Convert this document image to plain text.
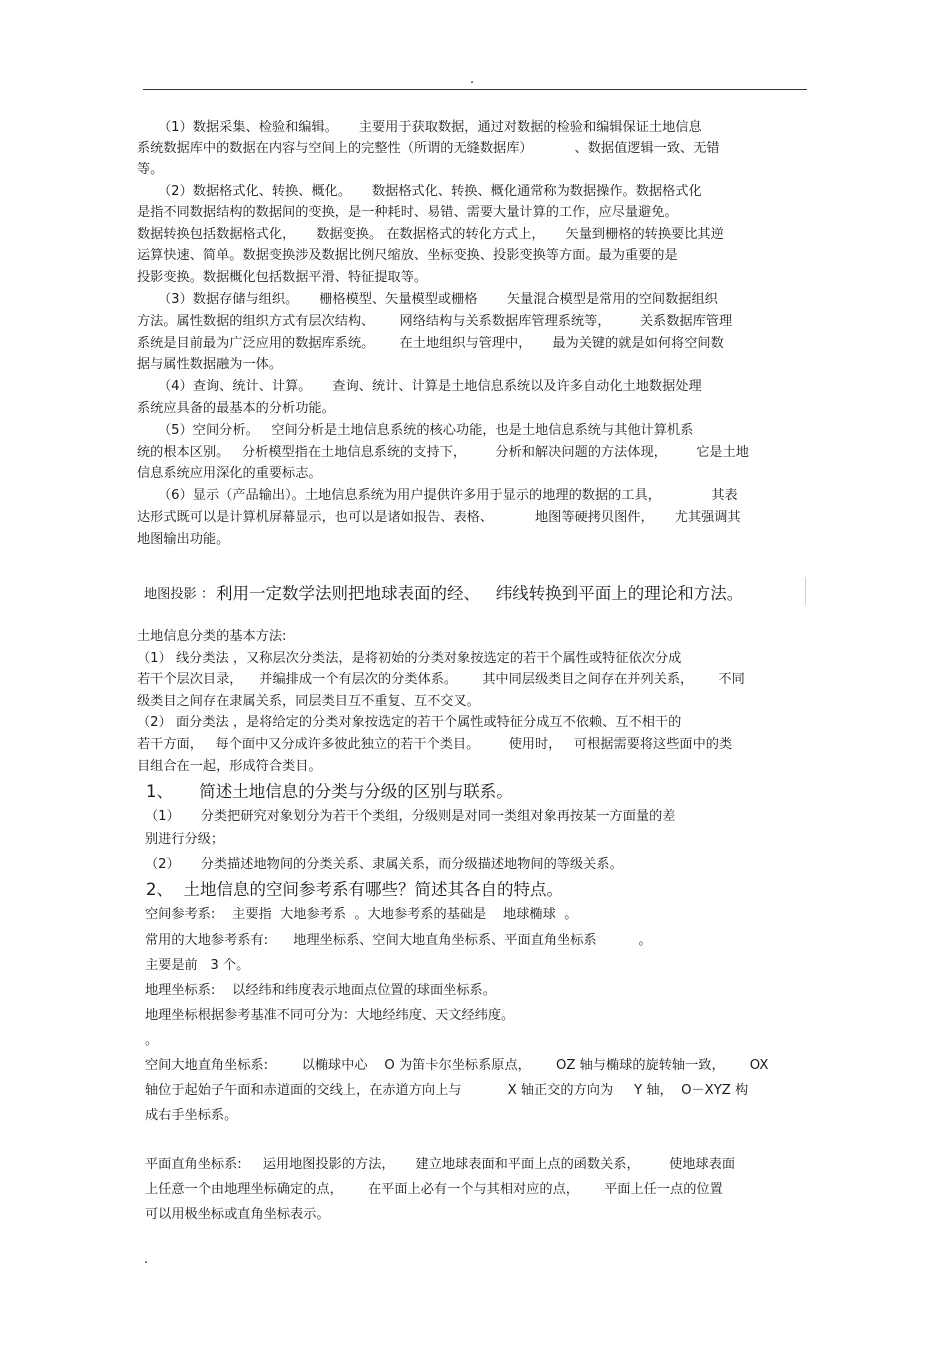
.
（1）数据采集、检验和编辑。     主要用于获取数据，通过对数据的检验和编辑保证土地信息
系统数据库中的数据在内容与空间上的完整性（所谓的无缝数据库）          、数据值逻辑一致、无错
等。
（2）数据格式化、转换、概化。     数据格式化、转换、概化通常称为数据操作。数据格式化
是指不同数据结构的数据间的变换，是一种耗时、易错、需要大量计算的工作，应尽量避免。
数据转换包括数据格式化，     数据变换。 在数据格式的转化方式上，     矢量到栅格的转换要比其逆
运算快速、简单。数据变换涉及数据比例尺缩放、坐标变换、投影变换等方面。最为重要的是
投影变换。数据概化包括数据平滑、特征提取等。
（3）数据存储与组织。     栅格模型、矢量模型或栅格       矢量混合模型是常用的空间数据组织
方法。属性数据的组织方式有层次结构、      网络结构与关系数据库管理系统等，       关系数据库管理
系统是目前最为广泛应用的数据库系统。      在土地组织与管理中，     最为关键的就是如何将空间数
据与属性数据融为一体。
（4）查询、统计、计算。     查询、统计、计算是土地信息系统以及许多自动化土地数据处理
系统应具备的最基本的分析功能。
（5）空间分析。   空间分析是土地信息系统的核心功能，也是土地信息系统与其他计算机系
统的根本区别。   分析模型指在土地信息系统的支持下，       分析和解决问题的方法体现，       它是土地
信息系统应用深化的重要标志。
（6）显示（产品输出）。土地信息系统为用户提供许多用于显示的地理的数据的工具，            其表
达形式既可以是计算机屏幕显示，也可以是诸如报告、表格、          地图等硬拷贝图件，     尤其强调其
地图输出功能。
地图投影 ： 利用一定数学法则把地球表面的经、   纬线转换到平面上的理论和方法。
土地信息分类的基本方法:
（1） 线分类法 ，又称层次分类法，是将初始的分类对象按选定的若干个属性或特征依次分成
若干个层次目录，    并编排成一个有层次的分类体系。      其中同层级类目之间存在并列关系，      不同
级类目之间存在隶属关系，同层类目互不重复、互不交叉。
（2） 面分类法 ，是将给定的分类对象按选定的若干个属性或特征分成互不依赖、互不相干的
若干方面，   每个面中又分成许多彼此独立的若干个类目。       使用时，   可根据需要将这些面中的类
目组合在一起，形成符合类目。
1、     简述土地信息的分类与分级的区别与联系。
（1）     分类把研究对象划分为若干个类组，分级则是对同一类组对象再按某一方面量的差
别进行分级；
（2）     分类描述地物间的分类关系、隶属关系，而分级描述地物间的等级关系。
2、  土地信息的空间参考系有哪些？简述其各自的特点。
空间参考系:    主要指  大地参考系  。大地参考系的基础是    地球椭球  。
常用的大地参考系有:      地理坐标系、空间大地直角坐标系、平面直角坐标系          。
主要是前   3 个。
地理坐标系:    以经纬和纬度表示地面点位置的球面坐标系。
地理坐标根据参考基准不同可分为：大地经纬度、天文经纬度。
。
空间大地直角坐标系:        以椭球中心    O 为笛卡尔坐标系原点，      OZ 轴与椭球的旋转轴一致，      OX
轴位于起始子午面和赤道面的交线上，在赤道方向上与           X 轴正交的方向为     Y 轴，  O－XYZ 构
成右手坐标系。
平面直角坐标系:     运用地图投影的方法，     建立地球表面和平面上点的函数关系，       使地球表面
上任意一个由地理坐标确定的点，      在平面上必有一个与其相对应的点，      平面上任一点的位置
可以用极坐标或直角坐标表示。
.
